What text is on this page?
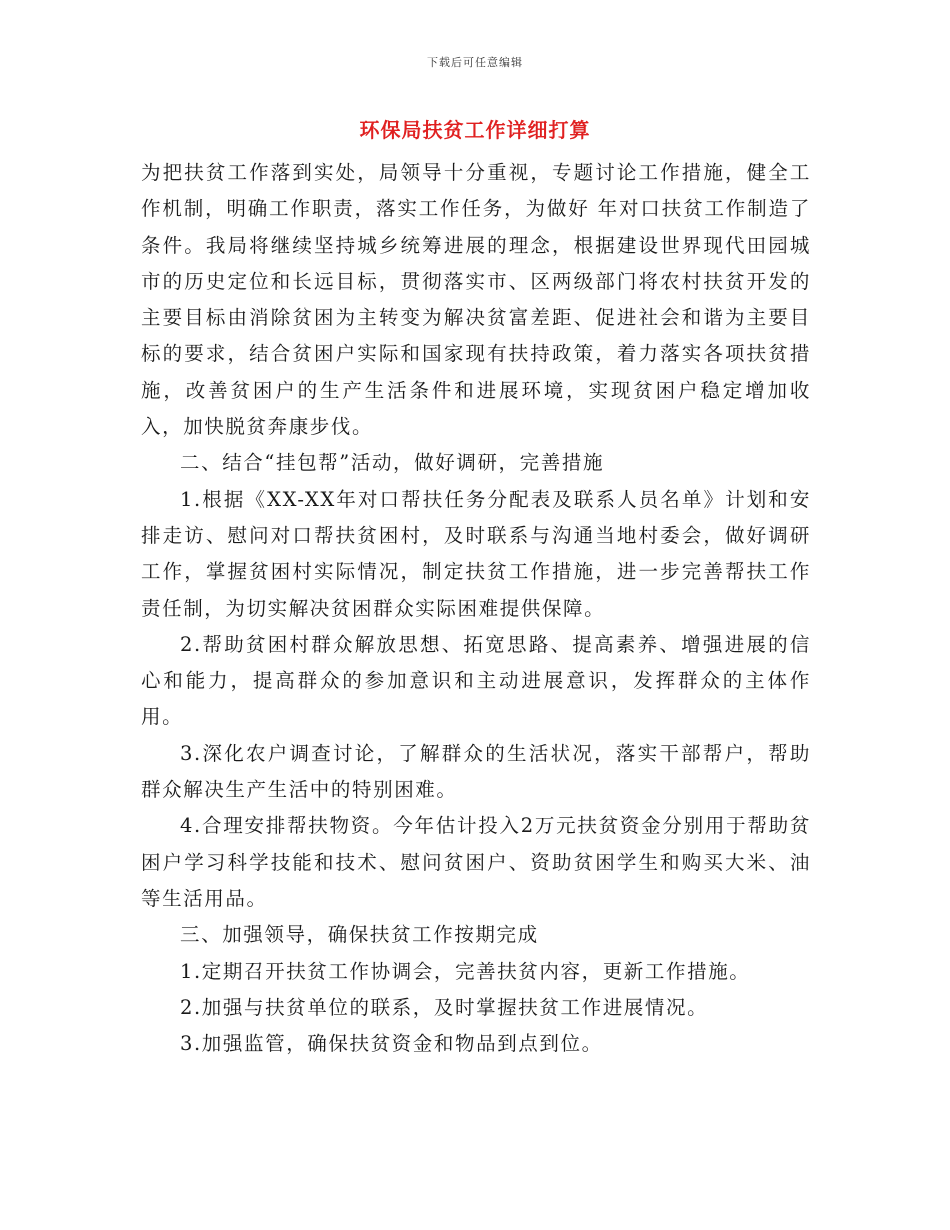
下载后可任意编辑
环保局扶贫工作详细打算

为把扶贫工作落到实处，局领导十分重视，专题讨论工作措施，健全工作机制，明确工作职责，落实工作任务，为做好 年对口扶贫工作制造了条件。我局将继续坚持城乡统筹进展的理念，根据建设世界现代田园城市的历史定位和长远目标，贯彻落实市、区两级部门将农村扶贫开发的主要目标由消除贫困为主转变为解决贫富差距、促进社会和谐为主要目标的要求，结合贫困户实际和国家现有扶持政策，着力落实各项扶贫措施，改善贫困户的生产生活条件和进展环境，实现贫困户稳定增加收入，加快脱贫奔康步伐。

二、结合“挂包帮”活动，做好调研，完善措施

1.根据《XX-XX年对口帮扶任务分配表及联系人员名单》计划和安排走访、慰问对口帮扶贫困村，及时联系与沟通当地村委会，做好调研工作，掌握贫困村实际情况，制定扶贫工作措施，进一步完善帮扶工作责任制，为切实解决贫困群众实际困难提供保障。

2.帮助贫困村群众解放思想、拓宽思路、提高素养、增强进展的信心和能力，提高群众的参加意识和主动进展意识，发挥群众的主体作用。

3.深化农户调查讨论，了解群众的生活状况，落实干部帮户，帮助群众解决生产生活中的特别困难。

4.合理安排帮扶物资。今年估计投入2万元扶贫资金分别用于帮助贫困户学习科学技能和技术、慰问贫困户、资助贫困学生和购买大米、油等生活用品。

三、加强领导，确保扶贫工作按期完成

1.定期召开扶贫工作协调会，完善扶贫内容，更新工作措施。

2.加强与扶贫单位的联系，及时掌握扶贫工作进展情况。

3.加强监管，确保扶贫资金和物品到点到位。
